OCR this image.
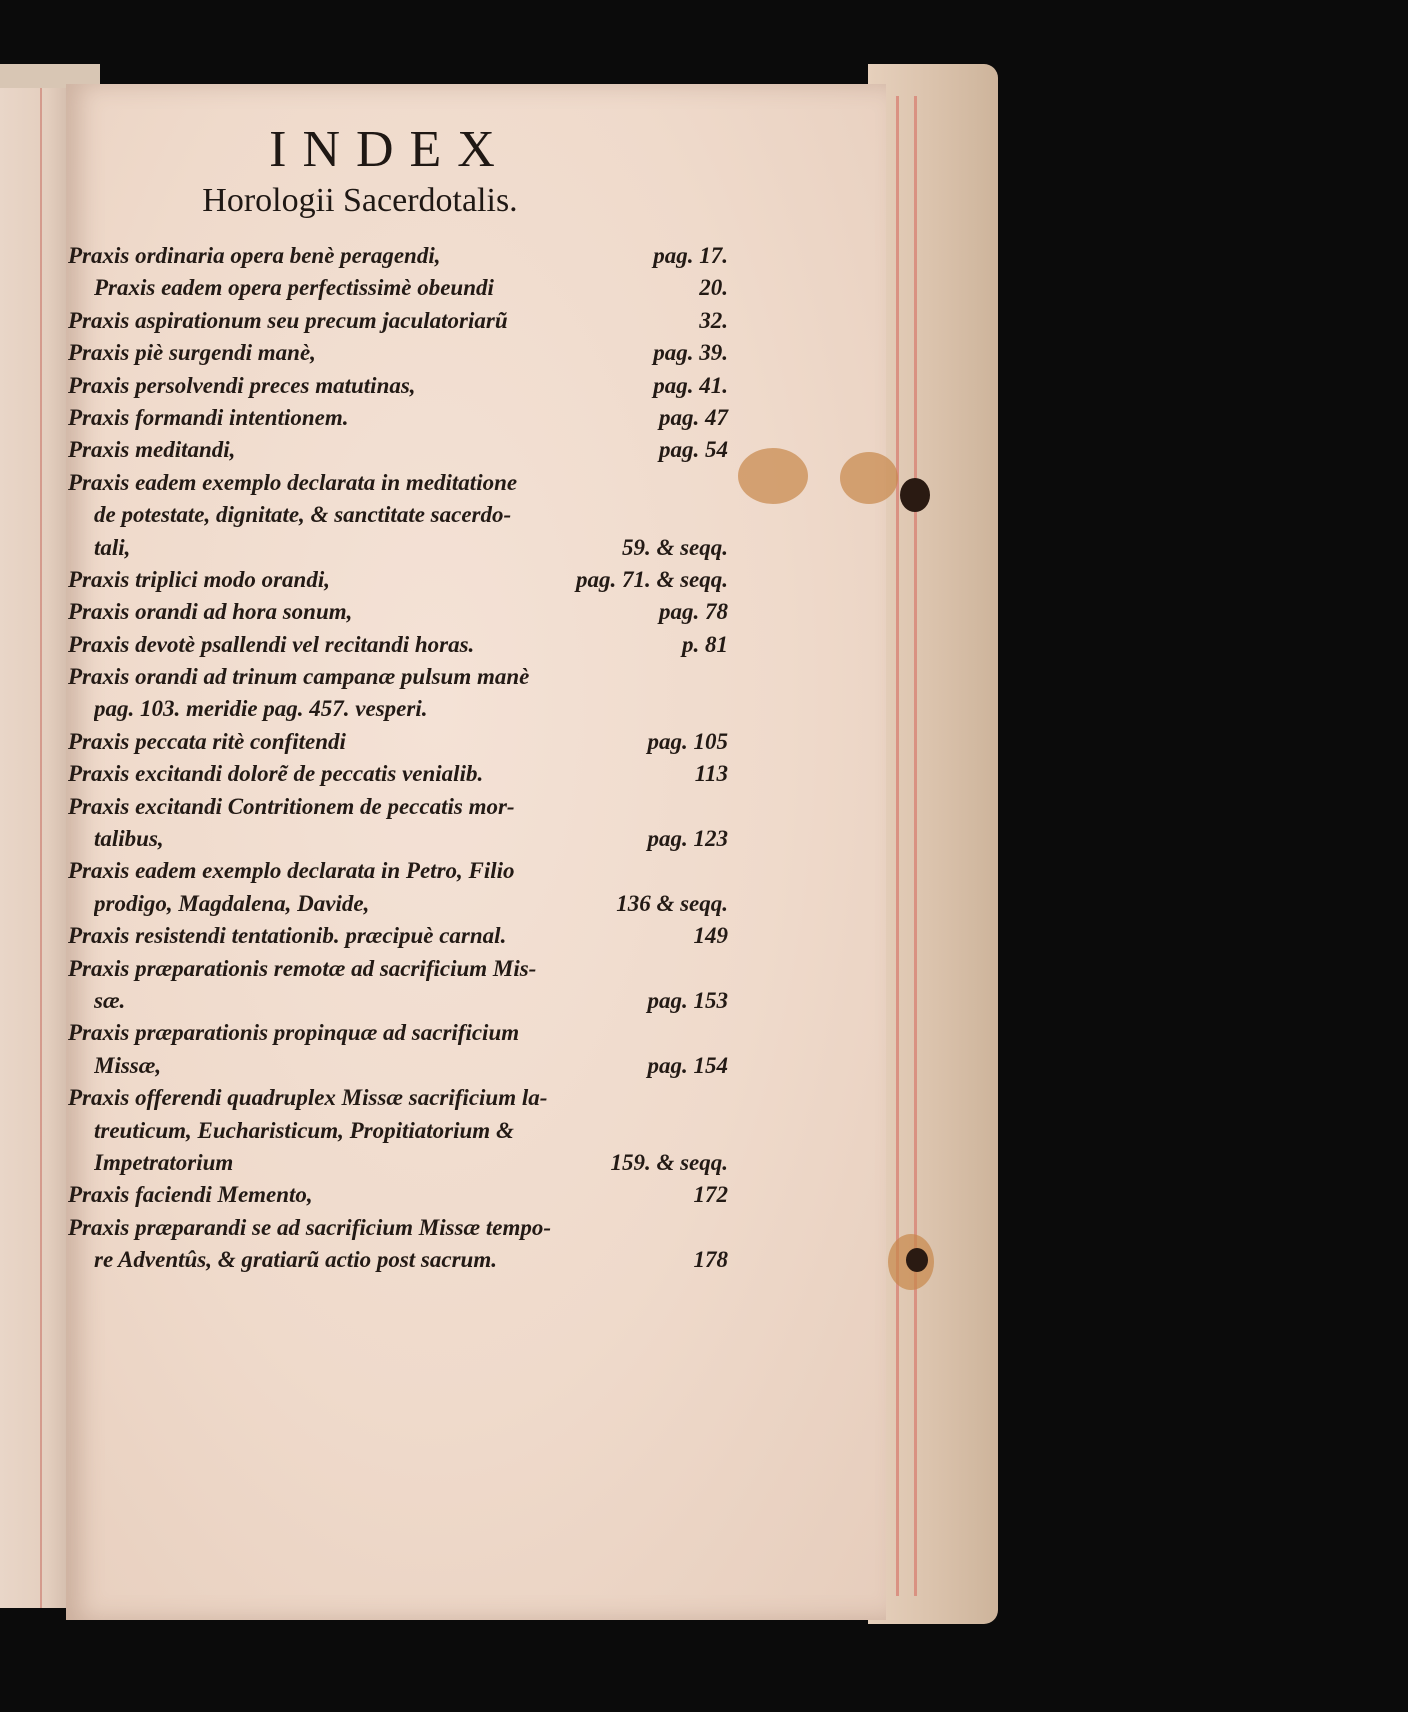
INDEX
Horologii Sacerdotalis.
Praxis ordinaria opera benè peragendi,	pag. 17.
Praxis eadem opera perfectissimè obeundi	20.
Praxis aspirationum seu precum jaculatoriarũ	32.
Praxis piè surgendi manè,	pag. 39.
Praxis persolvendi preces matutinas,	pag. 41.
Praxis formandi intentionem.	pag. 47
Praxis meditandi,	pag. 54
Praxis eadem exemplo declarata in meditatione
de potestate, dignitate, & sanctitate sacerdo-
tali,	59. & seqq.
Praxis triplici modo orandi,	pag. 71. & seqq.
Praxis orandi ad hora sonum,	pag. 78
Praxis devotè psallendi vel recitandi horas.	p. 81
Praxis orandi ad trinum campanæ pulsum manè
pag. 103. meridie pag. 457. vesperi.
Praxis peccata ritè confitendi	pag. 105
Praxis excitandi dolorẽ de peccatis venialib.	113
Praxis excitandi Contritionem de peccatis mor-
talibus,	pag. 123
Praxis eadem exemplo declarata in Petro, Filio
prodigo, Magdalena, Davide,	136 & seqq.
Praxis resistendi tentationib. præcipuè carnal.	149
Praxis præparationis remotæ ad sacrificium Mis-
sæ.	pag. 153
Praxis præparationis propinquæ ad sacrificium
Missæ,	pag. 154
Praxis offerendi quadruplex Missæ sacrificium la-
treuticum, Eucharisticum, Propitiatorium &
Impetratorium	159. & seqq.
Praxis faciendi Memento,	172
Praxis præparandi se ad sacrificium Missæ tempo-
re Adventûs, & gratiarũ actio post sacrum.	178
